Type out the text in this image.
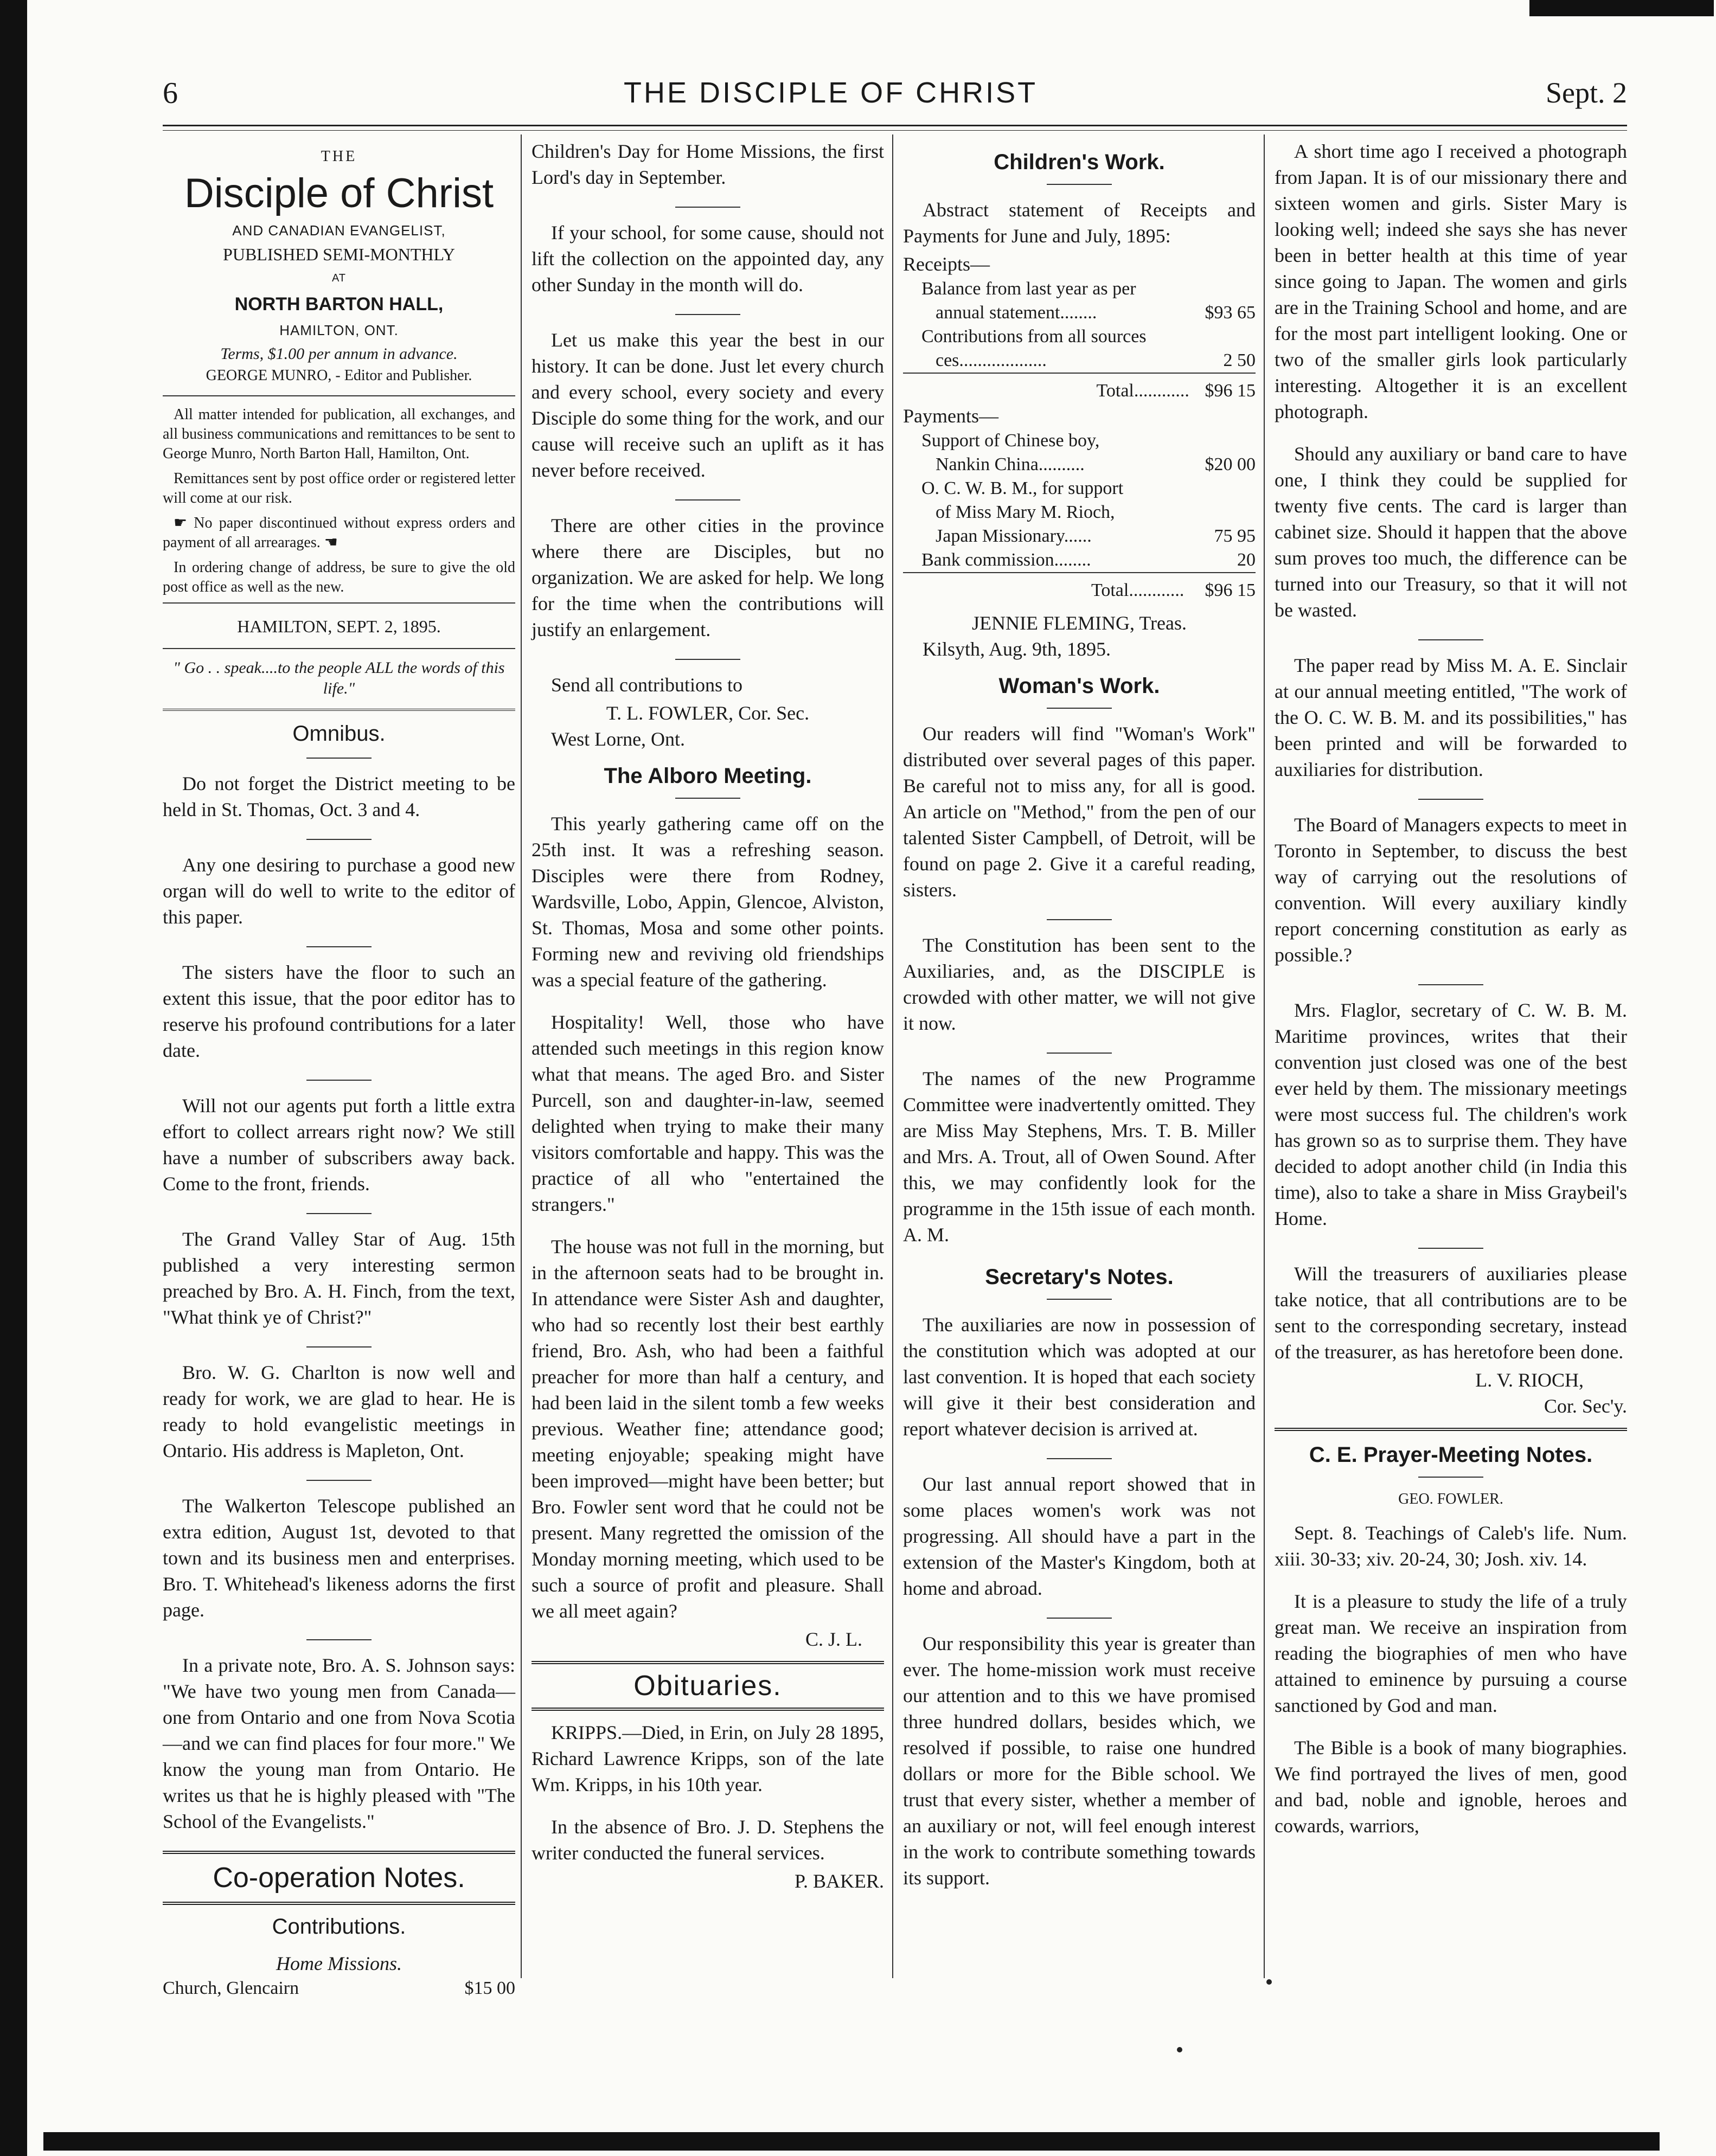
6	THE DISCIPLE OF CHRIST	Sept. 2
THE
Disciple of Christ
AND CANADIAN EVANGELIST,
PUBLISHED SEMI-MONTHLY
AT
NORTH BARTON HALL,
HAMILTON, ONT.
Terms, $1.00 per annum in advance.
GEORGE MUNRO, - Editor and Publisher.

All matter intended for publication, all exchanges, and all business communications and remittances to be sent to George Munro, North Barton Hall, Hamilton, Ont.

Remittances sent by post office order or registered letter will come at our risk.

☛ No paper discontinued without express orders and payment of all arrearages. ☚

In ordering change of address, be sure to give the old post office as well as the new.

HAMILTON, SEPT. 2, 1895.
" Go . . speak....to the people ALL the words of this life."
Omnibus.

Do not forget the District meeting to be held in St. Thomas, Oct. 3 and 4.

Any one desiring to purchase a good new organ will do well to write to the editor of this paper.

The sisters have the floor to such an extent this issue, that the poor editor has to reserve his profound contributions for a later date.

Will not our agents put forth a little extra effort to collect arrears right now? We still have a number of subscribers away back. Come to the front, friends.

The Grand Valley Star of Aug. 15th published a very interesting sermon preached by Bro. A. H. Finch, from the text, "What think ye of Christ?"

Bro. W. G. Charlton is now well and ready for work, we are glad to hear. He is ready to hold evangelistic meetings in Ontario. His address is Mapleton, Ont.

The Walkerton Telescope published an extra edition, August 1st, devoted to that town and its business men and enterprises. Bro. T. Whitehead's likeness adorns the first page.

In a private note, Bro. A. S. Johnson says: "We have two young men from Canada—one from Ontario and one from Nova Scotia—and we can find places for four more." We know the young man from Ontario. He writes us that he is highly pleased with "The School of the Evangelists."

Co-operation Notes.
Contributions.
Home Missions.
Church, Glencairn	$15 00

Children's Day for Home Missions, the first Lord's day in September.

If your school, for some cause, should not lift the collection on the appointed day, any other Sunday in the month will do.

Let us make this year the best in our history. It can be done. Just let every church and every school, every society and every Disciple do some thing for the work, and our cause will receive such an uplift as it has never before received.

There are other cities in the province where there are Disciples, but no organization. We are asked for help. We long for the time when the contributions will justify an enlargement.

Send all contributions to

T. L. FOWLER, Cor. Sec.

West Lorne, Ont.

The Alboro Meeting.

This yearly gathering came off on the 25th inst. It was a refreshing season. Disciples were there from Rodney, Wardsville, Lobo, Appin, Glencoe, Alviston, St. Thomas, Mosa and some other points. Forming new and reviving old friendships was a special feature of the gathering.

Hospitality! Well, those who have attended such meetings in this region know what that means. The aged Bro. and Sister Purcell, son and daughter-in-law, seemed delighted when trying to make their many visitors comfortable and happy. This was the practice of all who "entertained the strangers."

The house was not full in the morning, but in the afternoon seats had to be brought in. In attendance were Sister Ash and daughter, who had so recently lost their best earthly friend, Bro. Ash, who had been a faithful preacher for more than half a century, and had been laid in the silent tomb a few weeks previous. Weather fine; attendance good; meeting enjoyable; speaking might have been improved—might have been better; but Bro. Fowler sent word that he could not be present. Many regretted the omission of the Monday morning meeting, which used to be such a source of profit and pleasure. Shall we all meet again?

C. J. L.
Obituaries.

KRIPPS.—Died, in Erin, on July 28 1895, Richard Lawrence Kripps, son of the late Wm. Kripps, in his 10th year.

In the absence of Bro. J. D. Stephens the writer conducted the funeral services.

P. BAKER.
Children's Work.

Abstract statement of Receipts and Payments for June and July, 1895:

Receipts—
Balance from last year as per	
annual statement........	$93 65
Contributions from all sources	
ces...................	2 50
Total............	$96 15
Payments—
Support of Chinese boy,	
Nankin China..........	$20 00
O. C. W. B. M., for support	
of Miss Mary M. Rioch,	
Japan Missionary......	75 95
Bank commission........	20
Total............	$96 15
JENNIE FLEMING, Treas.
Kilsyth, Aug. 9th, 1895.
Woman's Work.

Our readers will find "Woman's Work" distributed over several pages of this paper. Be careful not to miss any, for all is good. An article on "Method," from the pen of our talented Sister Campbell, of Detroit, will be found on page 2. Give it a careful reading, sisters.

The Constitution has been sent to the Auxiliaries, and, as the DISCIPLE is crowded with other matter, we will not give it now.

The names of the new Programme Committee were inadvertently omitted. They are Miss May Stephens, Mrs. T. B. Miller and Mrs. A. Trout, all of Owen Sound. After this, we may confidently look for the programme in the 15th issue of each month. A. M.

Secretary's Notes.

The auxiliaries are now in possession of the constitution which was adopted at our last convention. It is hoped that each society will give it their best consideration and report whatever decision is arrived at.

Our last annual report showed that in some places women's work was not progressing. All should have a part in the extension of the Master's Kingdom, both at home and abroad.

Our responsibility this year is greater than ever. The home-mission work must receive our attention and to this we have promised three hundred dollars, besides which, we resolved if possible, to raise one hundred dollars or more for the Bible school. We trust that every sister, whether a member of an auxiliary or not, will feel enough interest in the work to contribute something towards its support.

A short time ago I received a photograph from Japan. It is of our missionary there and sixteen women and girls. Sister Mary is looking well; indeed she says she has never been in better health at this time of year since going to Japan. The women and girls are in the Training School and home, and are for the most part intelligent looking. One or two of the smaller girls look particularly interesting. Altogether it is an excellent photograph.

Should any auxiliary or band care to have one, I think they could be supplied for twenty five cents. The card is larger than cabinet size. Should it happen that the above sum proves too much, the difference can be turned into our Treasury, so that it will not be wasted.

The paper read by Miss M. A. E. Sinclair at our annual meeting entitled, "The work of the O. C. W. B. M. and its possibilities," has been printed and will be forwarded to auxiliaries for distribution.

The Board of Managers expects to meet in Toronto in September, to discuss the best way of carrying out the resolutions of convention. Will every auxiliary kindly report concerning constitution as early as possible.?

Mrs. Flaglor, secretary of C. W. B. M. Maritime provinces, writes that their convention just closed was one of the best ever held by them. The missionary meetings were most success ful. The children's work has grown so as to surprise them. They have decided to adopt another child (in India this time), also to take a share in Miss Graybeil's Home.

Will the treasurers of auxiliaries please take notice, that all contributions are to be sent to the corresponding secretary, instead of the treasurer, as has heretofore been done.

L. V. RIOCH,
Cor. Sec'y.
C. E. Prayer-Meeting Notes.
GEO. FOWLER.

Sept. 8. Teachings of Caleb's life. Num. xiii. 30-33; xiv. 20-24, 30; Josh. xiv. 14.

It is a pleasure to study the life of a truly great man. We receive an inspiration from reading the biographies of men who have attained to eminence by pursuing a course sanctioned by God and man.

The Bible is a book of many biographies. We find portrayed the lives of men, good and bad, noble and ignoble, heroes and cowards, warriors,
